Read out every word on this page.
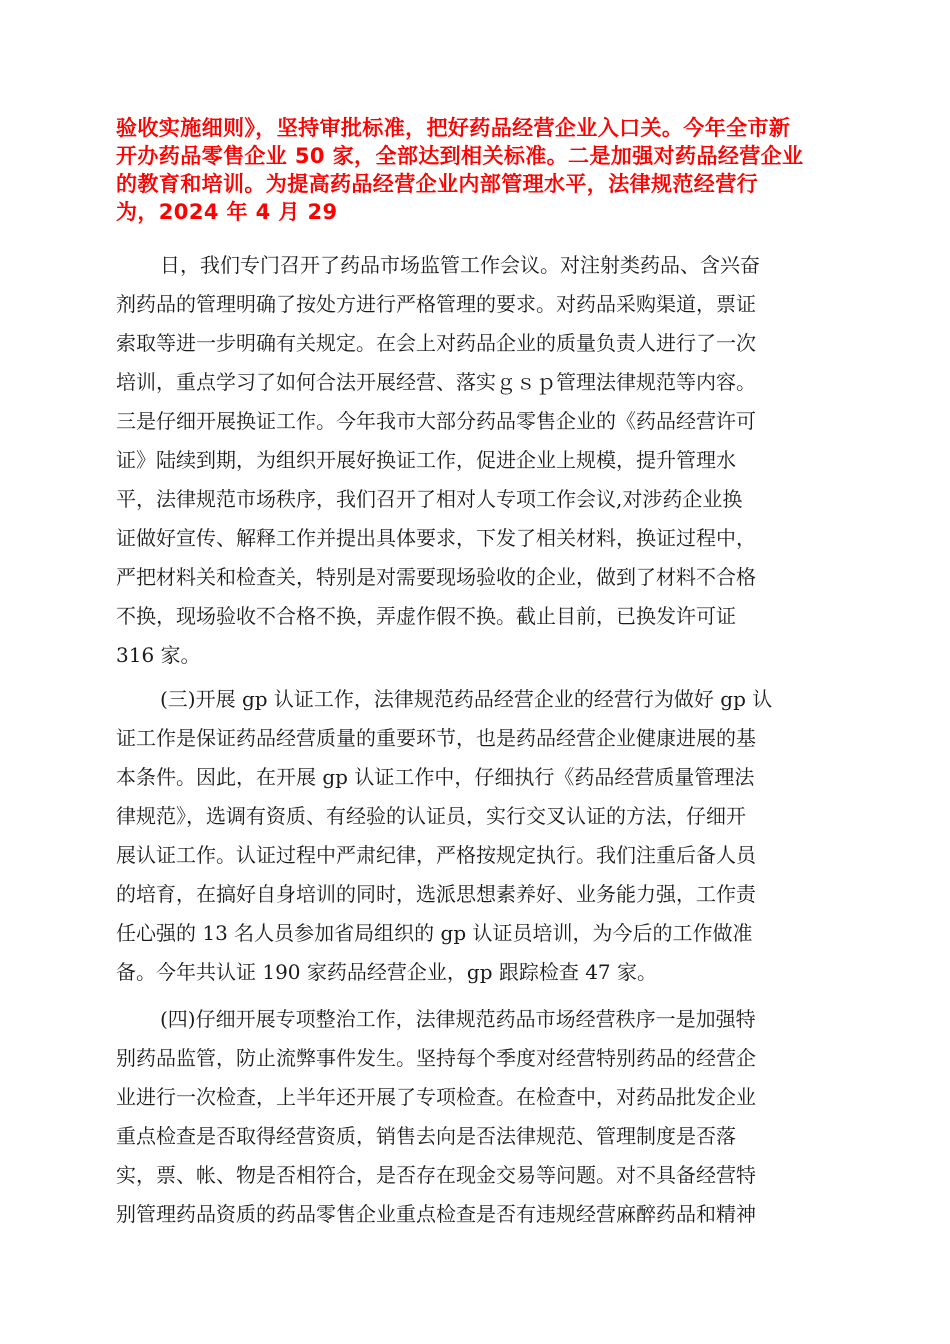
验收实施细则》，坚持审批标准，把好药品经营企业入口关。今年全市新
开办药品零售企业 50 家，全部达到相关标准。二是加强对药品经营企业
的教育和培训。为提高药品经营企业内部管理水平，法律规范经营行
为，2024 年 4 月 29
日，我们专门召开了药品市场监管工作会议。对注射类药品、含兴奋
剂药品的管理明确了按处方进行严格管理的要求。对药品采购渠道，票证
索取等进一步明确有关规定。在会上对药品企业的质量负责人进行了一次
培训，重点学习了如何合法开展经营、落实ｇｓｐ管理法律规范等内容。
三是仔细开展换证工作。今年我市大部分药品零售企业的《药品经营许可
证》陆续到期，为组织开展好换证工作，促进企业上规模，提升管理水
平，法律规范市场秩序，我们召开了相对人专项工作会议,对涉药企业换
证做好宣传、解释工作并提出具体要求，下发了相关材料，换证过程中，
严把材料关和检查关，特别是对需要现场验收的企业，做到了材料不合格
不换，现场验收不合格不换，弄虚作假不换。截止目前，已换发许可证
316 家。
(三)开展 gp 认证工作，法律规范药品经营企业的经营行为做好 gp 认
证工作是保证药品经营质量的重要环节，也是药品经营企业健康进展的基
本条件。因此，在开展 gp 认证工作中，仔细执行《药品经营质量管理法
律规范》，选调有资质、有经验的认证员，实行交叉认证的方法，仔细开
展认证工作。认证过程中严肃纪律，严格按规定执行。我们注重后备人员
的培育，在搞好自身培训的同时，选派思想素养好、业务能力强，工作责
任心强的 13 名人员参加省局组织的 gp 认证员培训，为今后的工作做准
备。今年共认证 190 家药品经营企业，gp 跟踪检查 47 家。
(四)仔细开展专项整治工作，法律规范药品市场经营秩序一是加强特
别药品监管，防止流弊事件发生。坚持每个季度对经营特别药品的经营企
业进行一次检查，上半年还开展了专项检查。在检查中，对药品批发企业
重点检查是否取得经营资质，销售去向是否法律规范、管理制度是否落
实，票、帐、物是否相符合，是否存在现金交易等问题。对不具备经营特
别管理药品资质的药品零售企业重点检查是否有违规经营麻醉药品和精神
